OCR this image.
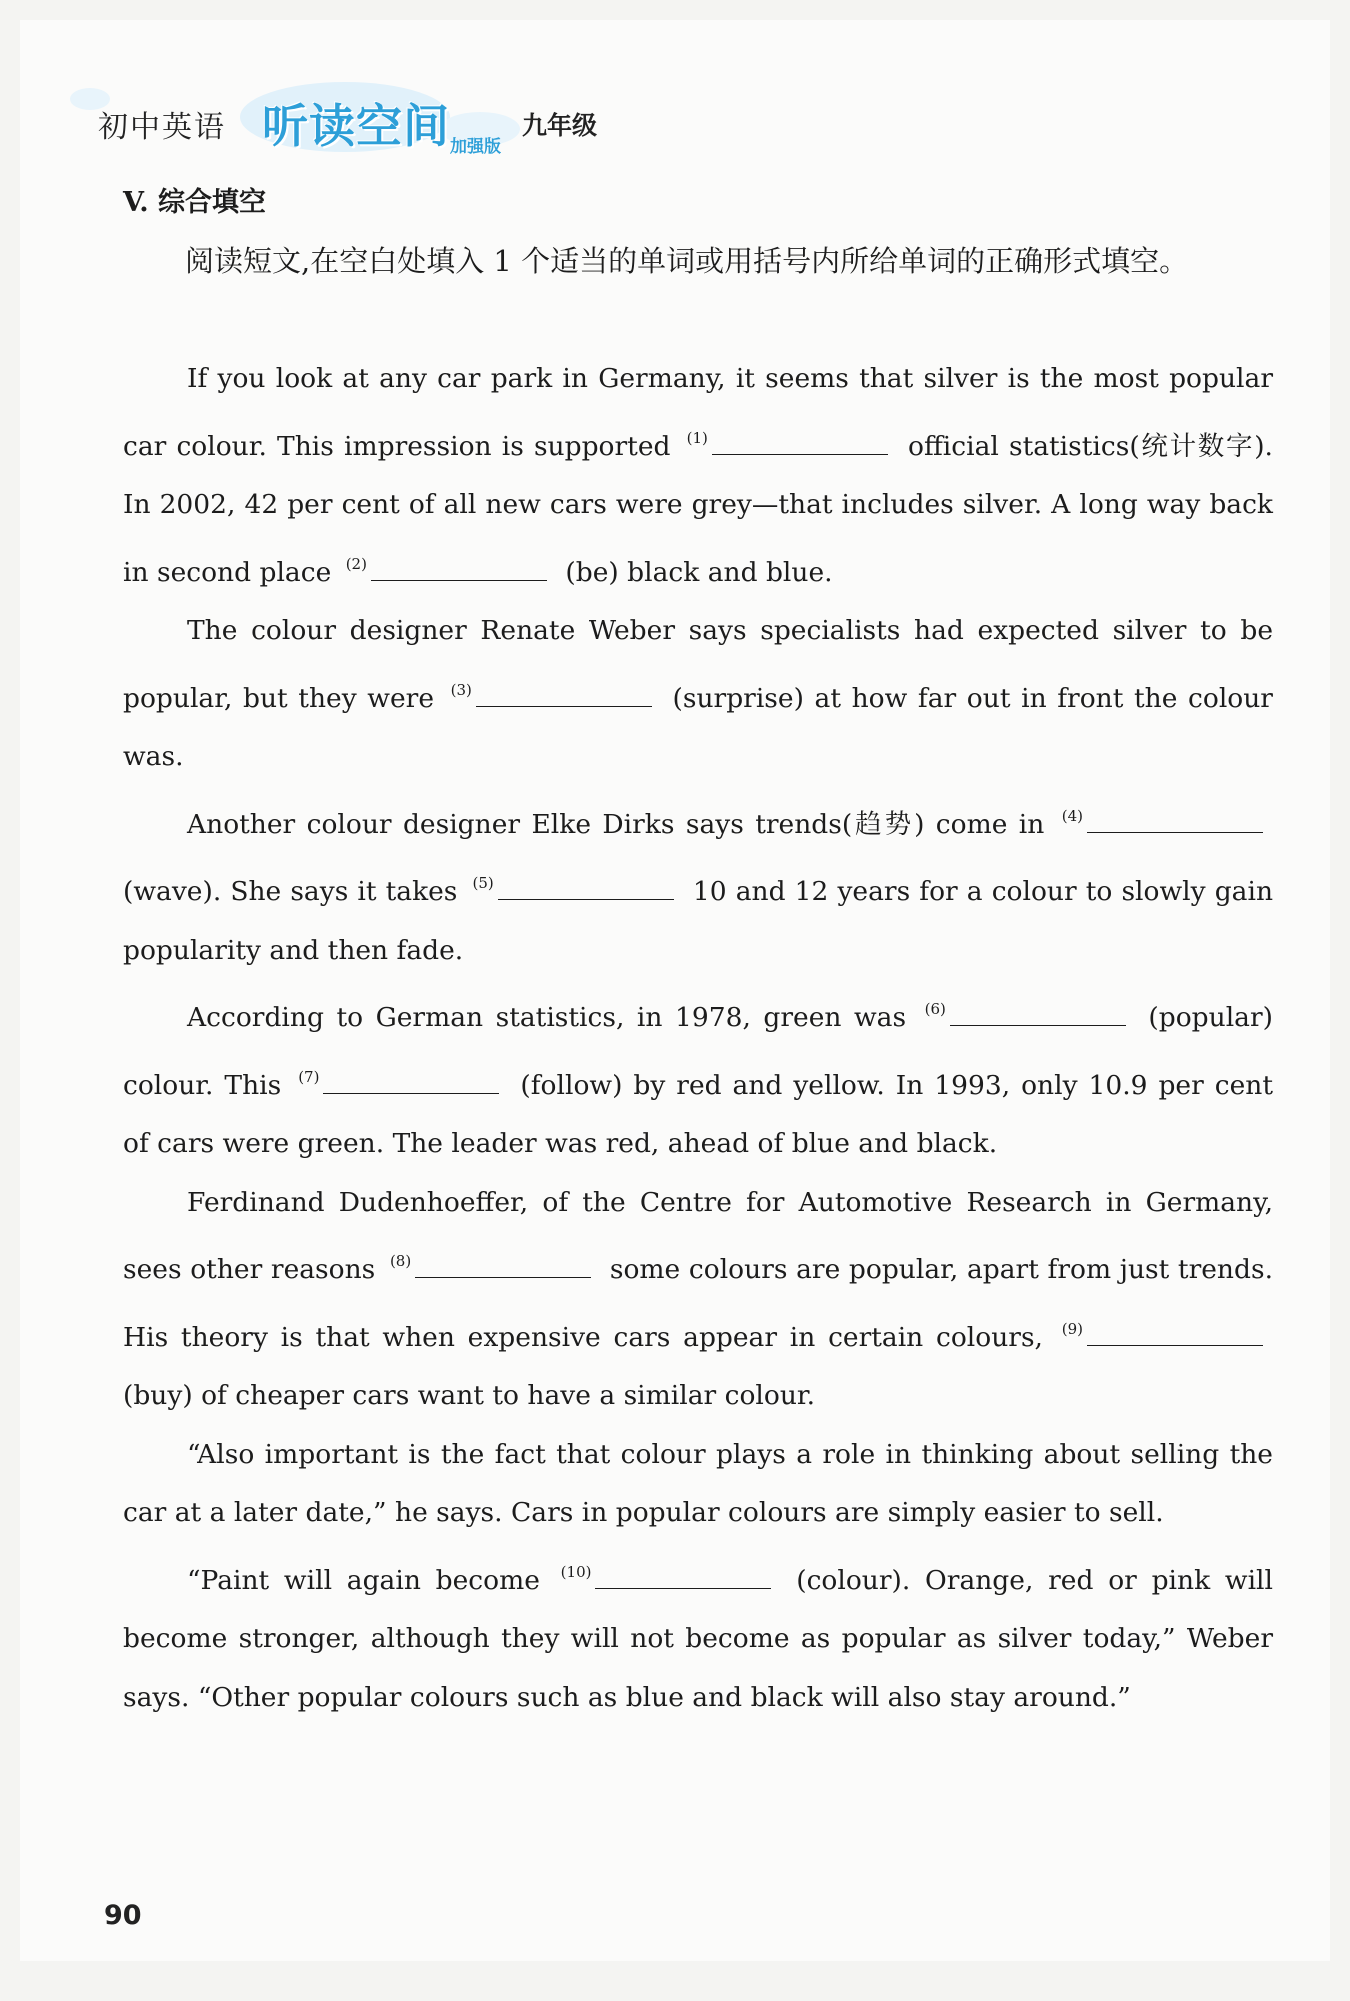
初中英语 听读空间 加强版
九年级
V. 综合填空
阅读短文,在空白处填入 1 个适当的单词或用括号内所给单词的正确形式填空。

If you look at any car park in Germany, it seems that silver is the most popular car colour. This impression is supported $^{(1)}$	official statistics(统计数字). In 2002, 42 per cent of all new cars were grey—that includes silver. A long way back in second place $^{(2)}$	(be) black and blue.

The colour designer Renate Weber says specialists had expected silver to be popular, but they were $^{(3)}$	(surprise) at how far out in front the colour was.

Another colour designer Elke Dirks says trends(趋势) come in $^{(4)}$ (wave). She says it takes $^{(5)}$	10 and 12 years for a colour to slowly gain popularity and then fade.

According to German statistics, in 1978, green was $^{(6)}$	(popular) colour. This $^{(7)}$	(follow) by red and yellow. In 1993, only 10.9 per cent of cars were green. The leader was red, ahead of blue and black.

Ferdinand Dudenhoeffer, of the Centre for Automotive Research in Germany, sees other reasons $^{(8)}$	some colours are popular, apart from just trends. His theory is that when expensive cars appear in certain colours, $^{(9)}$ (buy) of cheaper cars want to have a similar colour.

“Also important is the fact that colour plays a role in thinking about selling the car at a later date,” he says. Cars in popular colours are simply easier to sell.

“Paint will again become $^{(10)}$	(colour). Orange, red or pink will become stronger, although they will not become as popular as silver today,” Weber says. “Other popular colours such as blue and black will also stay around.”

90
